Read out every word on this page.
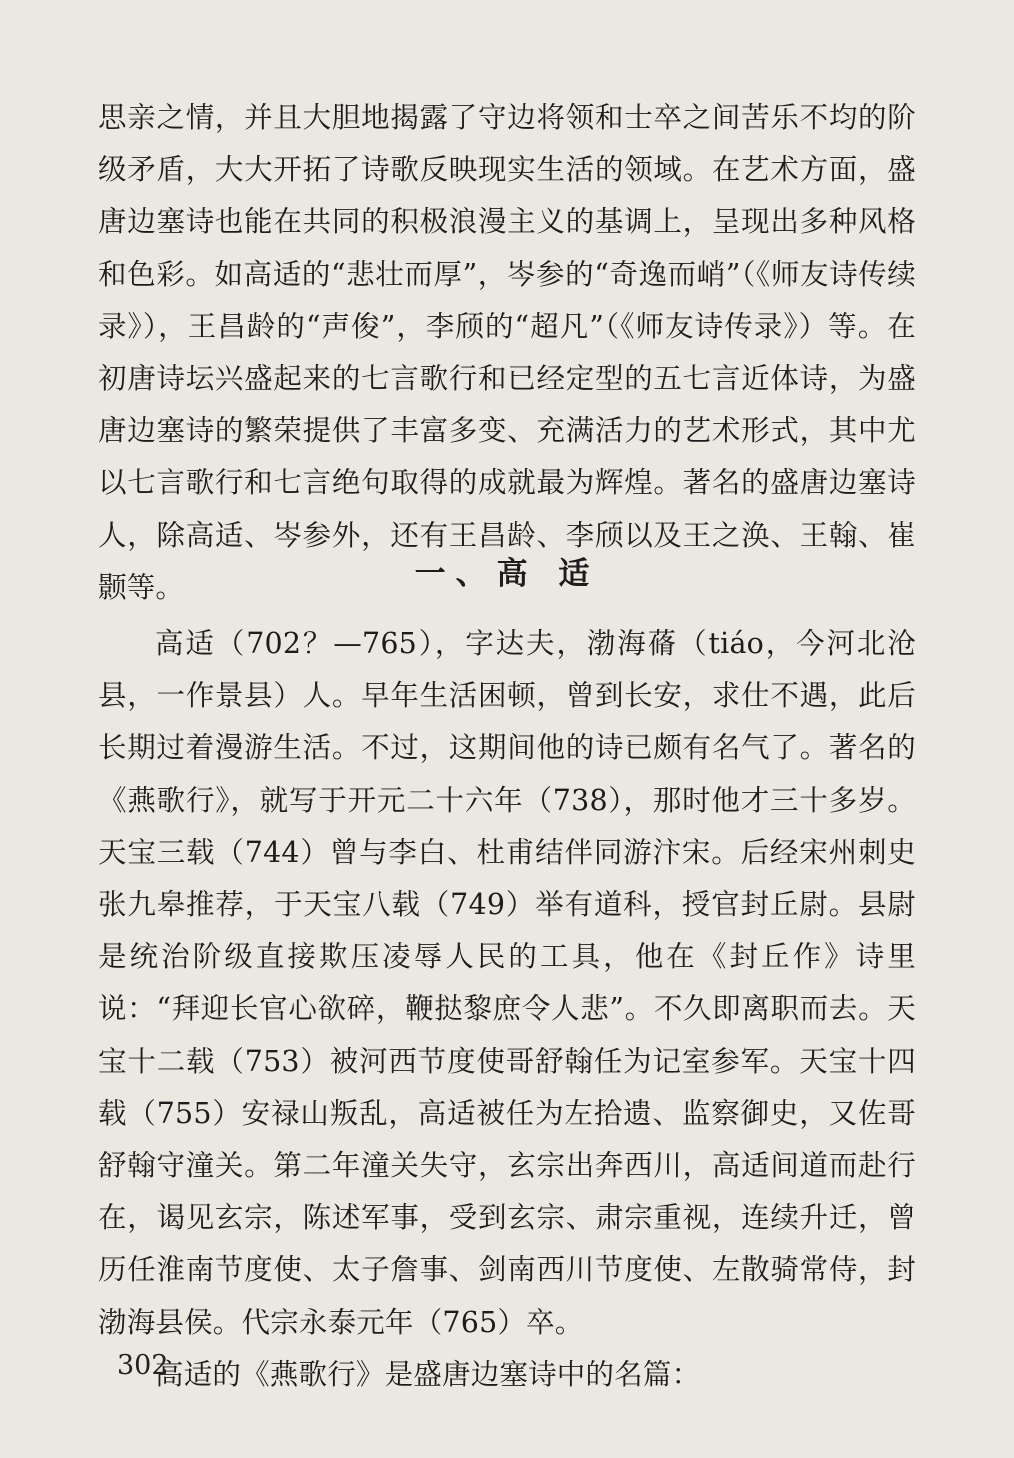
思亲之情，并且大胆地揭露了守边将领和士卒之间苦乐不均的阶级矛盾，大大开拓了诗歌反映现实生活的领域。在艺术方面，盛唐边塞诗也能在共同的积极浪漫主义的基调上，呈现出多种风格和色彩。如高适的“悲壮而厚”，岑参的“奇逸而峭”（《师友诗传续录》），王昌龄的“声俊”，李颀的“超凡”（《师友诗传录》）等。在初唐诗坛兴盛起来的七言歌行和已经定型的五七言近体诗，为盛唐边塞诗的繁荣提供了丰富多变、充满活力的艺术形式，其中尤以七言歌行和七言绝句取得的成就最为辉煌。著名的盛唐边塞诗人，除高适、岑参外，还有王昌龄、李颀以及王之涣、王翰、崔颢等。	一、高 适

高适（702？—765），字达夫，渤海蓨（tiáo，今河北沧县，一作景县）人。早年生活困顿，曾到长安，求仕不遇，此后长期过着漫游生活。不过，这期间他的诗已颇有名气了。著名的《燕歌行》，就写于开元二十六年（738），那时他才三十多岁。天宝三载（744）曾与李白、杜甫结伴同游汴宋。后经宋州刺史张九皋推荐，于天宝八载（749）举有道科，授官封丘尉。县尉是统治阶级直接欺压凌辱人民的工具，他在《封丘作》诗里说：“拜迎长官心欲碎，鞭挞黎庶令人悲”。不久即离职而去。天宝十二载（753）被河西节度使哥舒翰任为记室参军。天宝十四载（755）安禄山叛乱，高适被任为左拾遗、监察御史，又佐哥舒翰守潼关。第二年潼关失守，玄宗出奔西川，高适间道而赴行在，谒见玄宗，陈述军事，受到玄宗、肃宗重视，连续升迁，曾历任淮南节度使、太子詹事、剑南西川节度使、左散骑常侍，封渤海县侯。代宗永泰元年（765）卒。

高适的《燕歌行》是盛唐边塞诗中的名篇：

302
